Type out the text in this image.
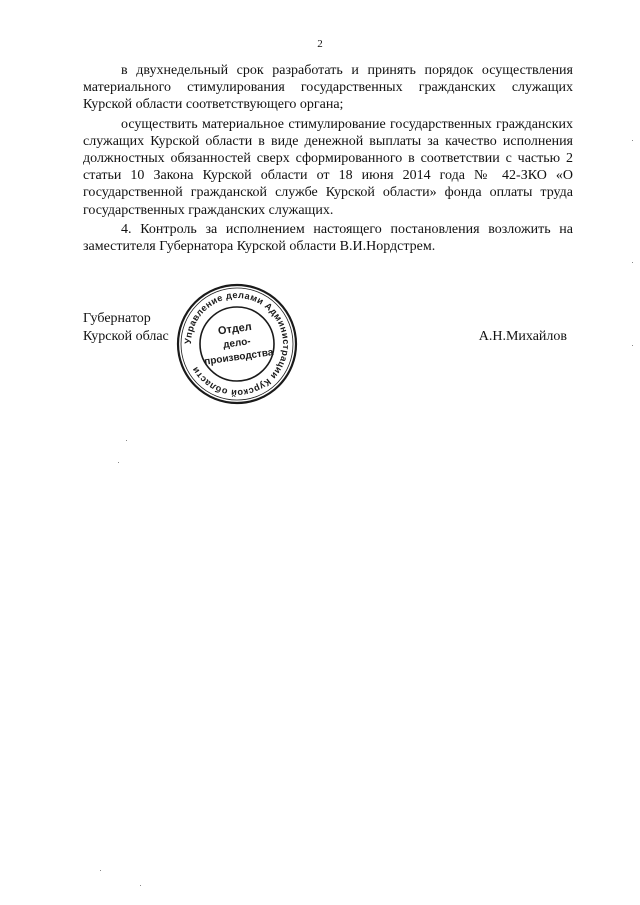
2

в двухнедельный срок разработать и принять порядок осуществления материального стимулирования государственных гражданских служащих Курской области соответствующего органа;

осуществить материальное стимулирование государственных гражданских служащих Курской области в виде денежной выплаты за качество исполнения должностных обязанностей сверх сформированного в соответствии с частью 2 статьи 10 Закона Курской области от 18 июня 2014 года № 42-ЗКО «О государственной гражданской службе Курской области» фонда оплаты труда государственных гражданских служащих.

4. Контроль за исполнением настоящего постановления возложить на заместителя Губернатора Курской области В.И.Нордстрем.

Губернатор
Курской облас Управление делами Администрации Курской области
Отдел
дело-
производства
А.Н.Михайлов
